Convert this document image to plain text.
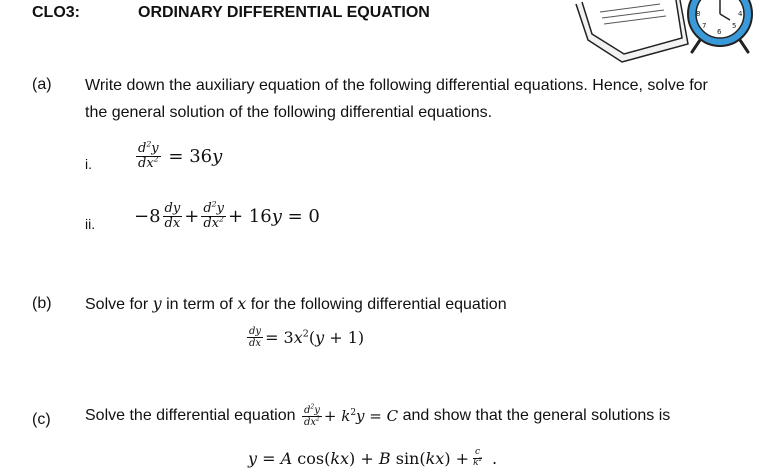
CLO3:	ORDINARY DIFFERENTIAL EQUATION	8
7
6
5
4
(a) Write down the auxiliary equation of the following differential equations. Hence, solve for
the general solution of the following differential equations.
i.	$\frac{d^2y}{dx^2} = 36y$
ii. $-8 \frac{dy}{dx} + \frac{d^2y}{dx^2} + 16y = 0$
(b) Solve for y in term of x for the following differential equation
$\frac{dy}{dx} = 3x^2(y + 1)$
(c) Solve the differential equation $\frac{d^2y}{dx^2} + k^2y = C$ and show that the general solutions is
y = A cos(kx) + B $\sin(kx) + \frac{c}{k^2}$ .
